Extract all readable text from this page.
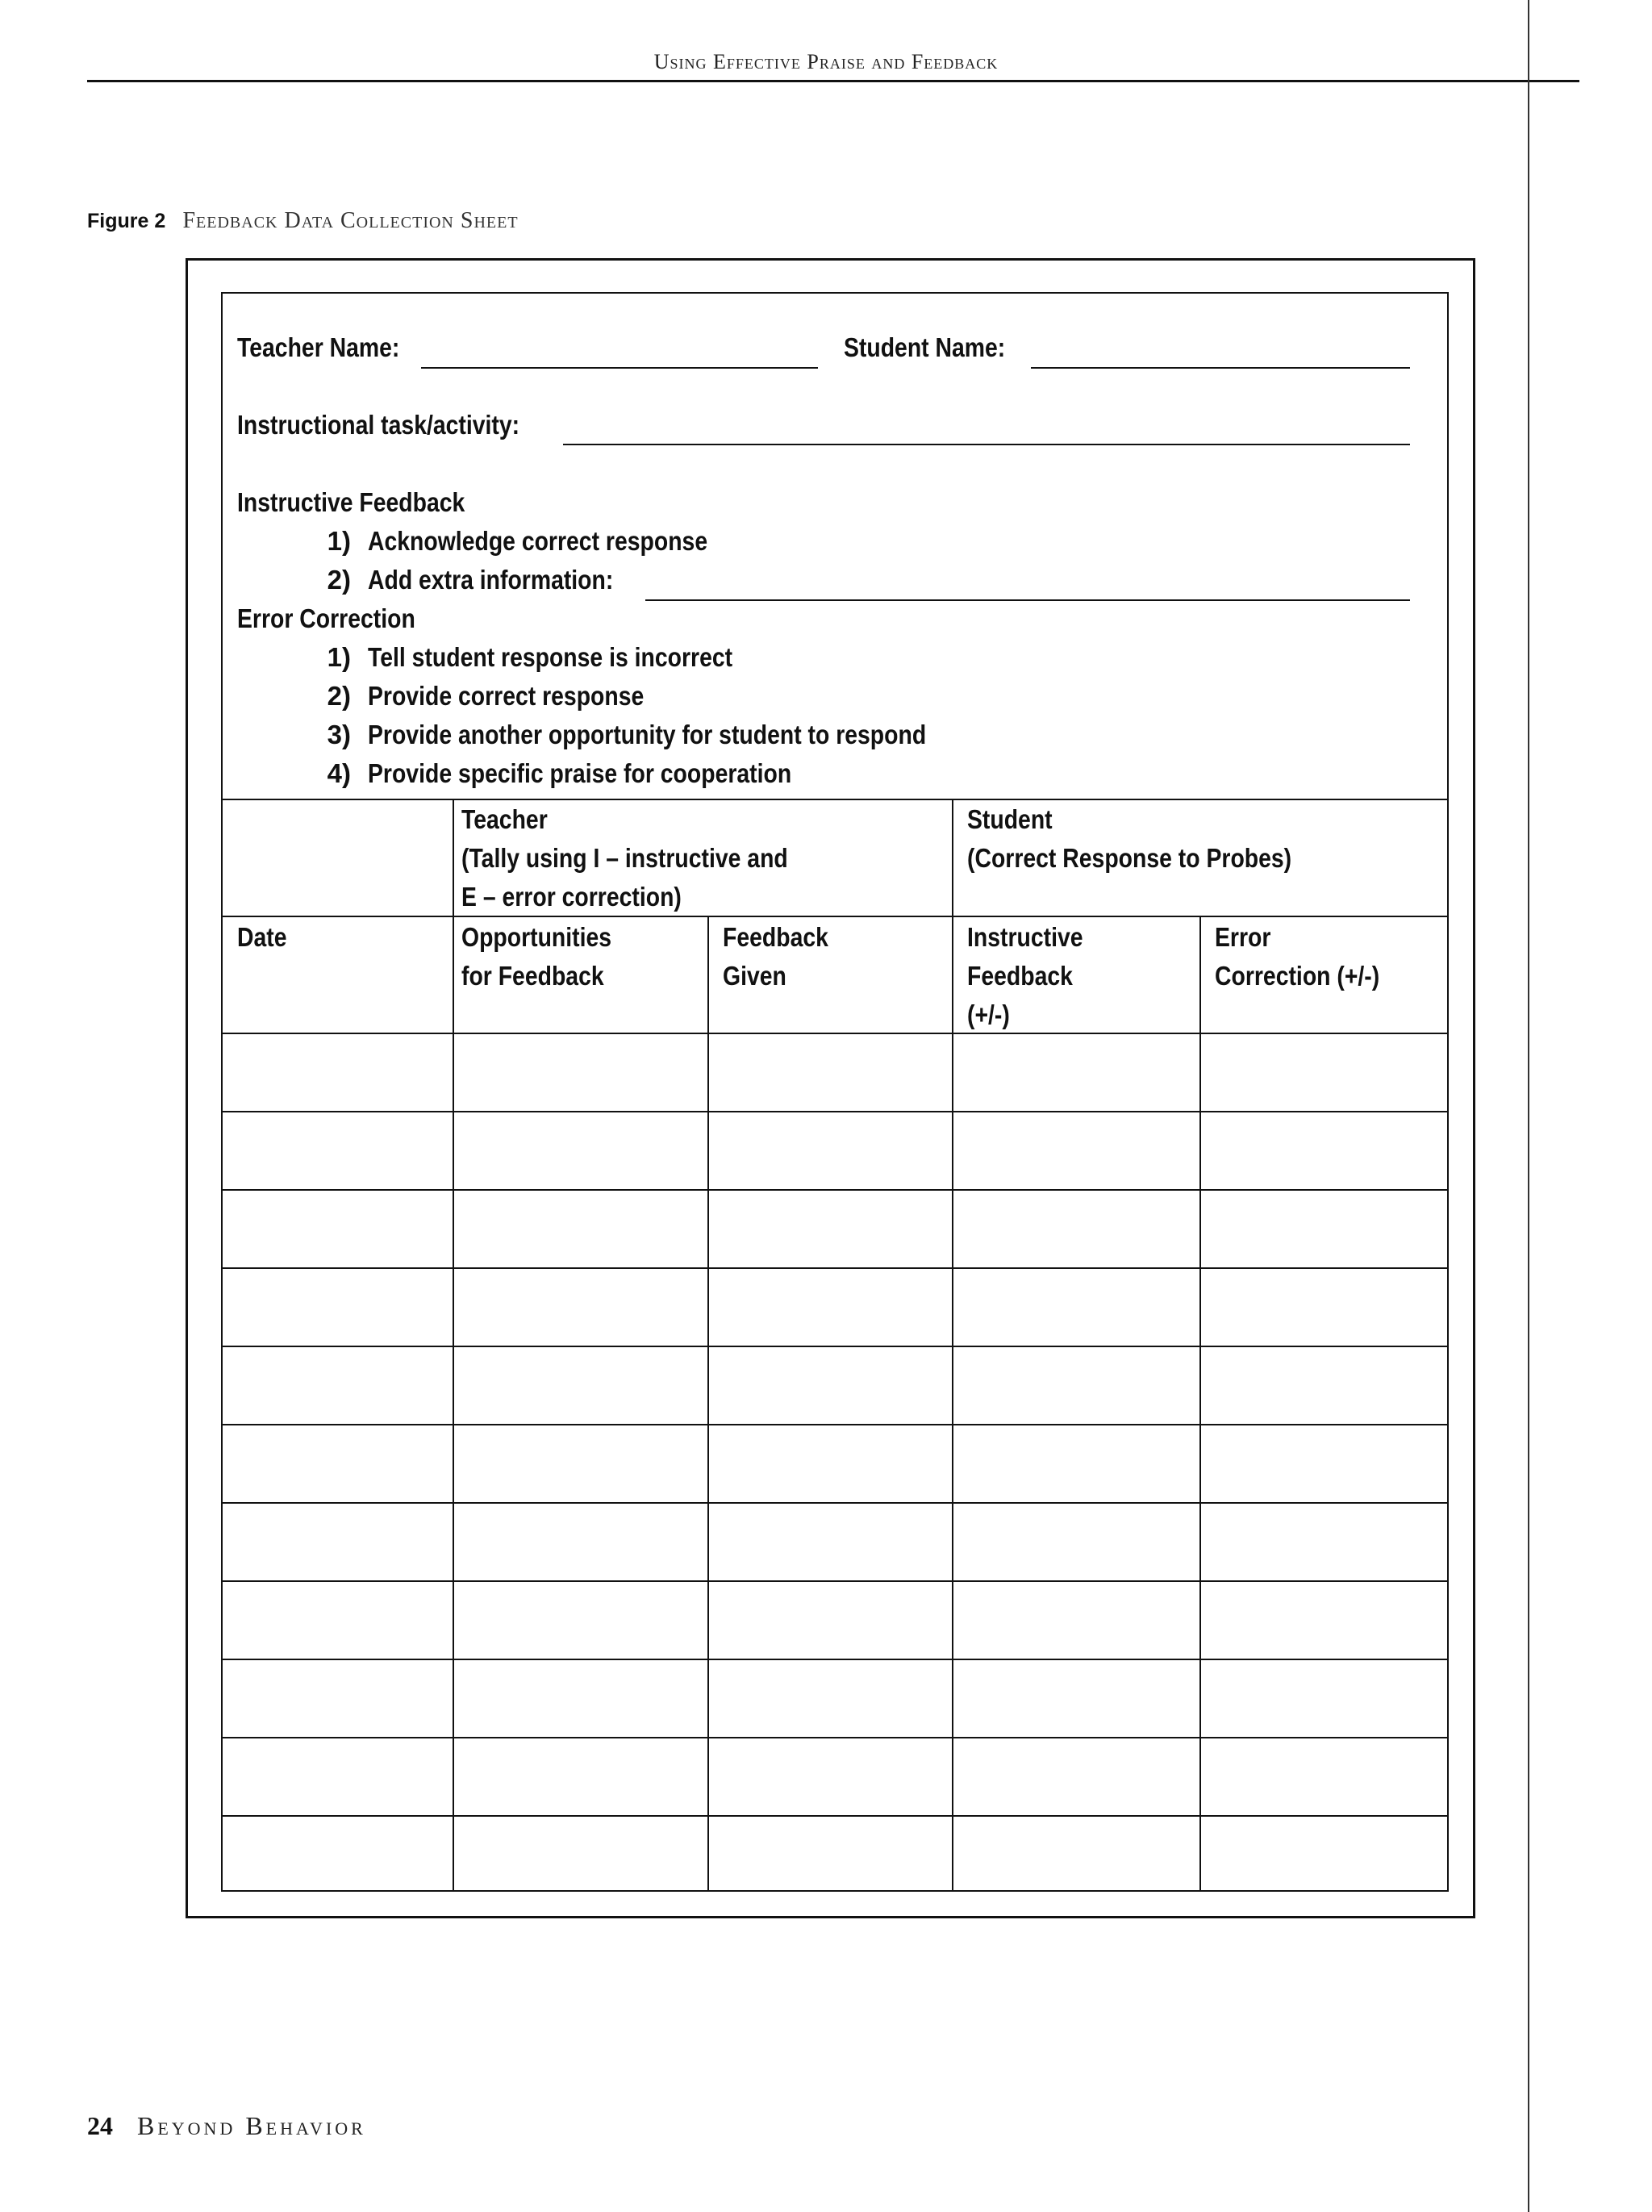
Using Effective Praise and Feedback
Figure 2 Feedback Data Collection Sheet
Teacher Name:	Student Name:
Instructional task/activity:
Instructive Feedback
1) Acknowledge correct response
2) Add extra information:
Error Correction
1) Tell student response is incorrect
2) Provide correct response
3) Provide another opportunity for student to respond
4) Provide specific praise for cooperation
Teacher
(Tally using I – instructive and
E – error correction)
Student
(Correct Response to Probes)
Date	Opportunities
for Feedback
Feedback
Given
Instructive
Feedback
(+/-)
Error
Correction (+/-)
24 Beyond Behavior
